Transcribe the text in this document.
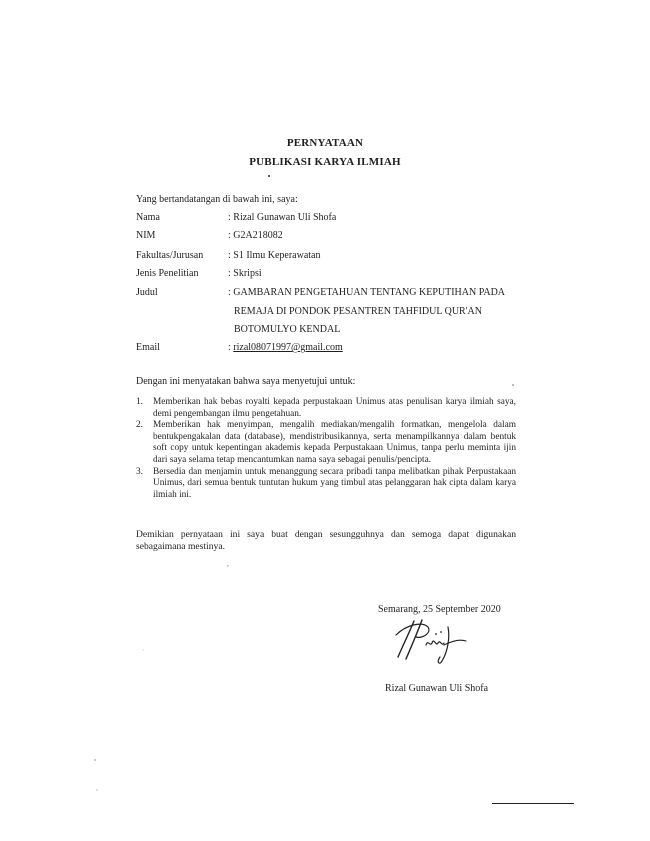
PERNYATAAN
PUBLIKASI KARYA ILMIAH
Yang bertandatangan di bawah ini, saya:
Nama	: Rizal Gunawan Uli Shofa
NIM	: G2A218082
Fakultas/Jurusan	: S1 Ilmu Keperawatan
Jenis Penelitian	: Skripsi
Judul	: GAMBARAN PENGETAHUAN TENTANG KEPUTIHAN PADA
REMAJA DI PONDOK PESANTREN TAHFIDUL QUR'AN
BOTOMULYO KENDAL
Email	: rizal08071997@gmail.com
Dengan ini menyatakan bahwa saya menyetujui untuk:
1. Memberikan hak bebas royalti kepada perpustakaan Unimus atas penulisan karya ilmiah saya, demi pengembangan ilmu pengetahuan.
2. Memberikan hak menyimpan, mengalih mediakan/mengalih formatkan, mengelola dalam bentukpengakalan data (database), mendistribusikannya, serta menampilkannya dalam bentuk soft copy untuk kepentingan akademis kepada Perpustakaan Unimus, tanpa perlu meminta ijin dari saya selama tetap mencantumkan nama saya sebagai penulis/pencipta.
3. Bersedia dan menjamin untuk menanggung secara pribadi tanpa melibatkan pihak Perpustakaan Unimus, dari semua bentuk tuntutan hukum yang timbul atas pelanggaran hak cipta dalam karya ilmiah ini.
Demikian pernyataan ini saya buat dengan sesungguhnya dan semoga dapat digunakan sebagaimana mestinya.
,
Semarang, 25 September 2020
Rizal Gunawan Uli Shofa
